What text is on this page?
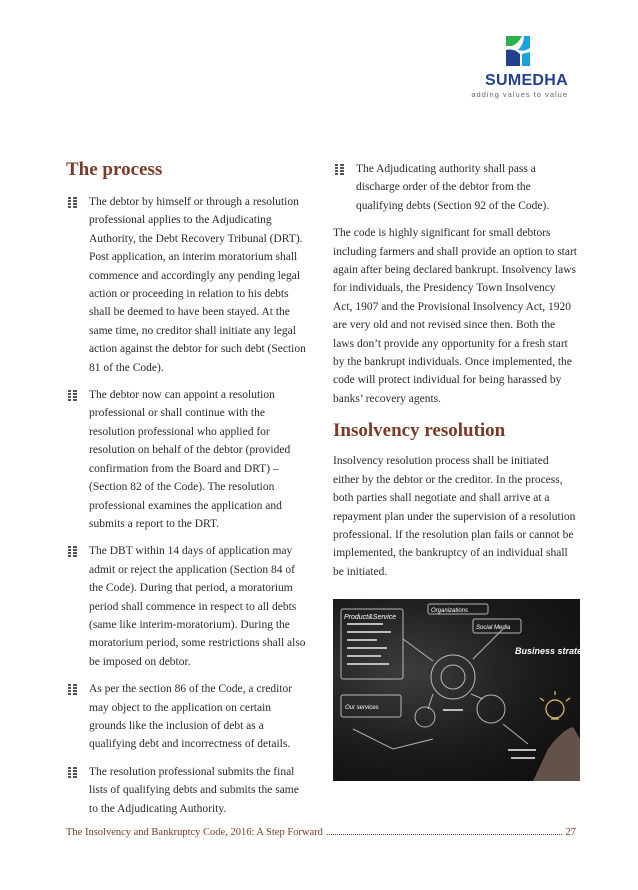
SUMEDHA
adding values to value
The process
The debtor by himself or through a resolution professional applies to the Adjudicating Authority, the Debt Recovery Tribunal (DRT). Post application, an interim moratorium shall commence and accordingly any pending legal action or proceeding in relation to his debts shall be deemed to have been stayed. At the same time, no creditor shall initiate any legal action against the debtor for such debt (Section 81 of the Code).
The debtor now can appoint a resolution professional or shall continue with the resolution professional who applied for resolution on behalf of the debtor (provided confirmation from the Board and DRT) – (Section 82 of the Code). The resolution professional examines the application and submits a report to the DRT.
The DBT within 14 days of application may admit or reject the application (Section 84 of the Code). During that period, a moratorium period shall commence in respect to all debts (same like interim-moratorium). During the moratorium period, some restrictions shall also be imposed on debtor.
As per the section 86 of the Code, a creditor may object to the application on certain grounds like the inclusion of debt as a qualifying debt and incorrectness of details.
The resolution professional submits the final lists of qualifying debts and submits the same to the Adjudicating Authority.
The Adjudicating authority shall pass a discharge order of the debtor from the qualifying debts (Section 92 of the Code).

The code is highly significant for small debtors including farmers and shall provide an option to start again after being declared bankrupt. Insolvency laws for individuals, the Presidency Town Insolvency Act, 1907 and the Provisional Insolvency Act, 1920 are very old and not revised since then. Both the laws don’t provide any opportunity for a fresh start by the bankrupt individuals. Once implemented, the code will protect individual for being harassed by banks’ recovery agents.

Insolvency resolution

Insolvency resolution process shall be initiated either by the debtor or the creditor. In the process, both parties shall negotiate and shall arrive at a repayment plan under the supervision of a resolution professional. If the resolution plan fails or cannot be implemented, the bankruptcy of an individual shall be initiated.

Product&Service
Organizations
Social Media
Business strategy
Our services
The Insolvency and Bankruptcy Code, 2016: A Step Forward	27
